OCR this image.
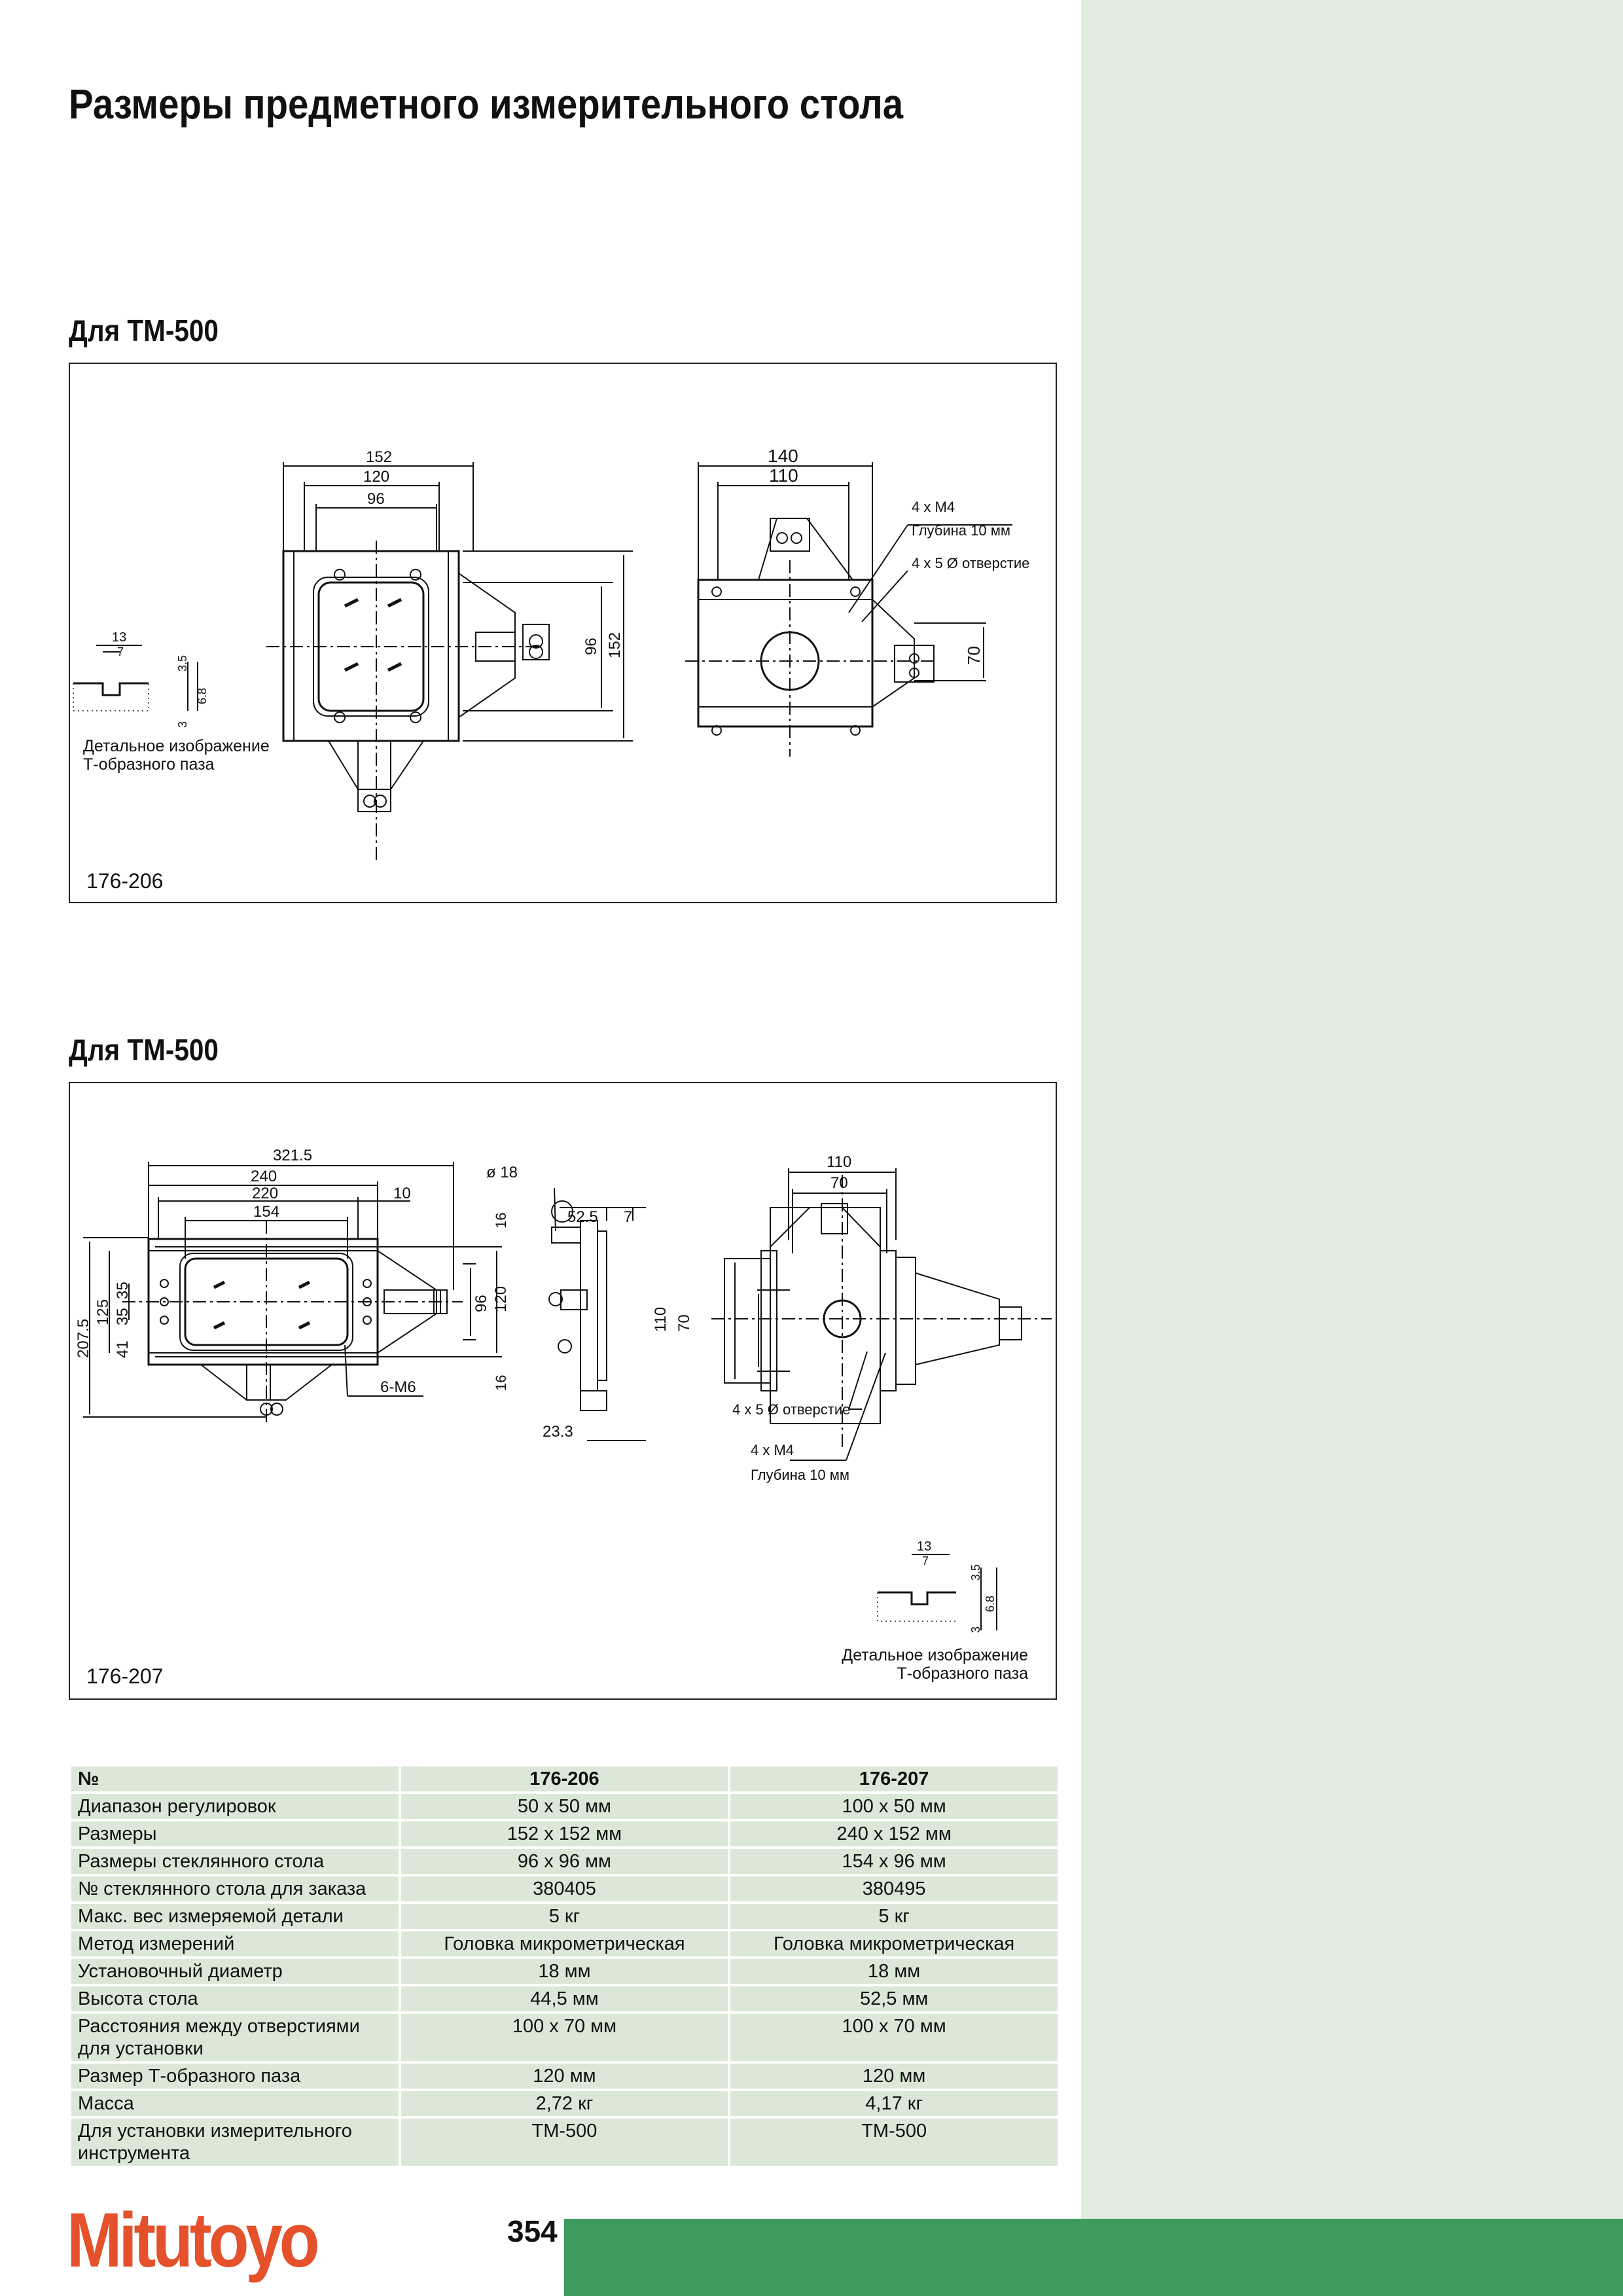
Размеры предметного измерительного стола
Для ТМ-500
152
120
96
96 152
140
110
4 x M4
Глубина 10 мм
4 x 5 Ø отверстие
70
13
7
3.5
6.8
3
Детальное изображение
Т-образного паза
176-206
Для ТМ-500
321.5
240
220
154
10
207.5
125
35
35
41
16
16
96 120
6-M6
ø 18
52.5 7
23.3
110
70
110 70
4 x 5 Ø отверстие
4 x M4
Глубина 10 мм
13
7
3.5
6.8
3
Детальное изображение
Т-образного паза
176-207
№	176-206	176-207
Диапазон регулировок	50 x 50 мм	100 x 50 мм
Размеры	152 x 152 мм	240 x 152 мм
Размеры стеклянного стола	96 x 96 мм	154 x 96 мм
№ стеклянного стола для заказа	380405	380495
Макс. вес измеряемой детали	5 кг	5 кг
Метод измерений	Головка микрометрическая	Головка микрометрическая
Установочный диаметр	18 мм	18 мм
Высота стола	44,5 мм	52,5 мм
Расстояния между отверстиями для установки	100 x 70 мм	100 x 70 мм
Размер Т-образного паза	120 мм	120 мм
Масса	2,72 кг	4,17 кг
Для установки измерительного инструмента	TM-500	TM-500
Mitutoyo	354
